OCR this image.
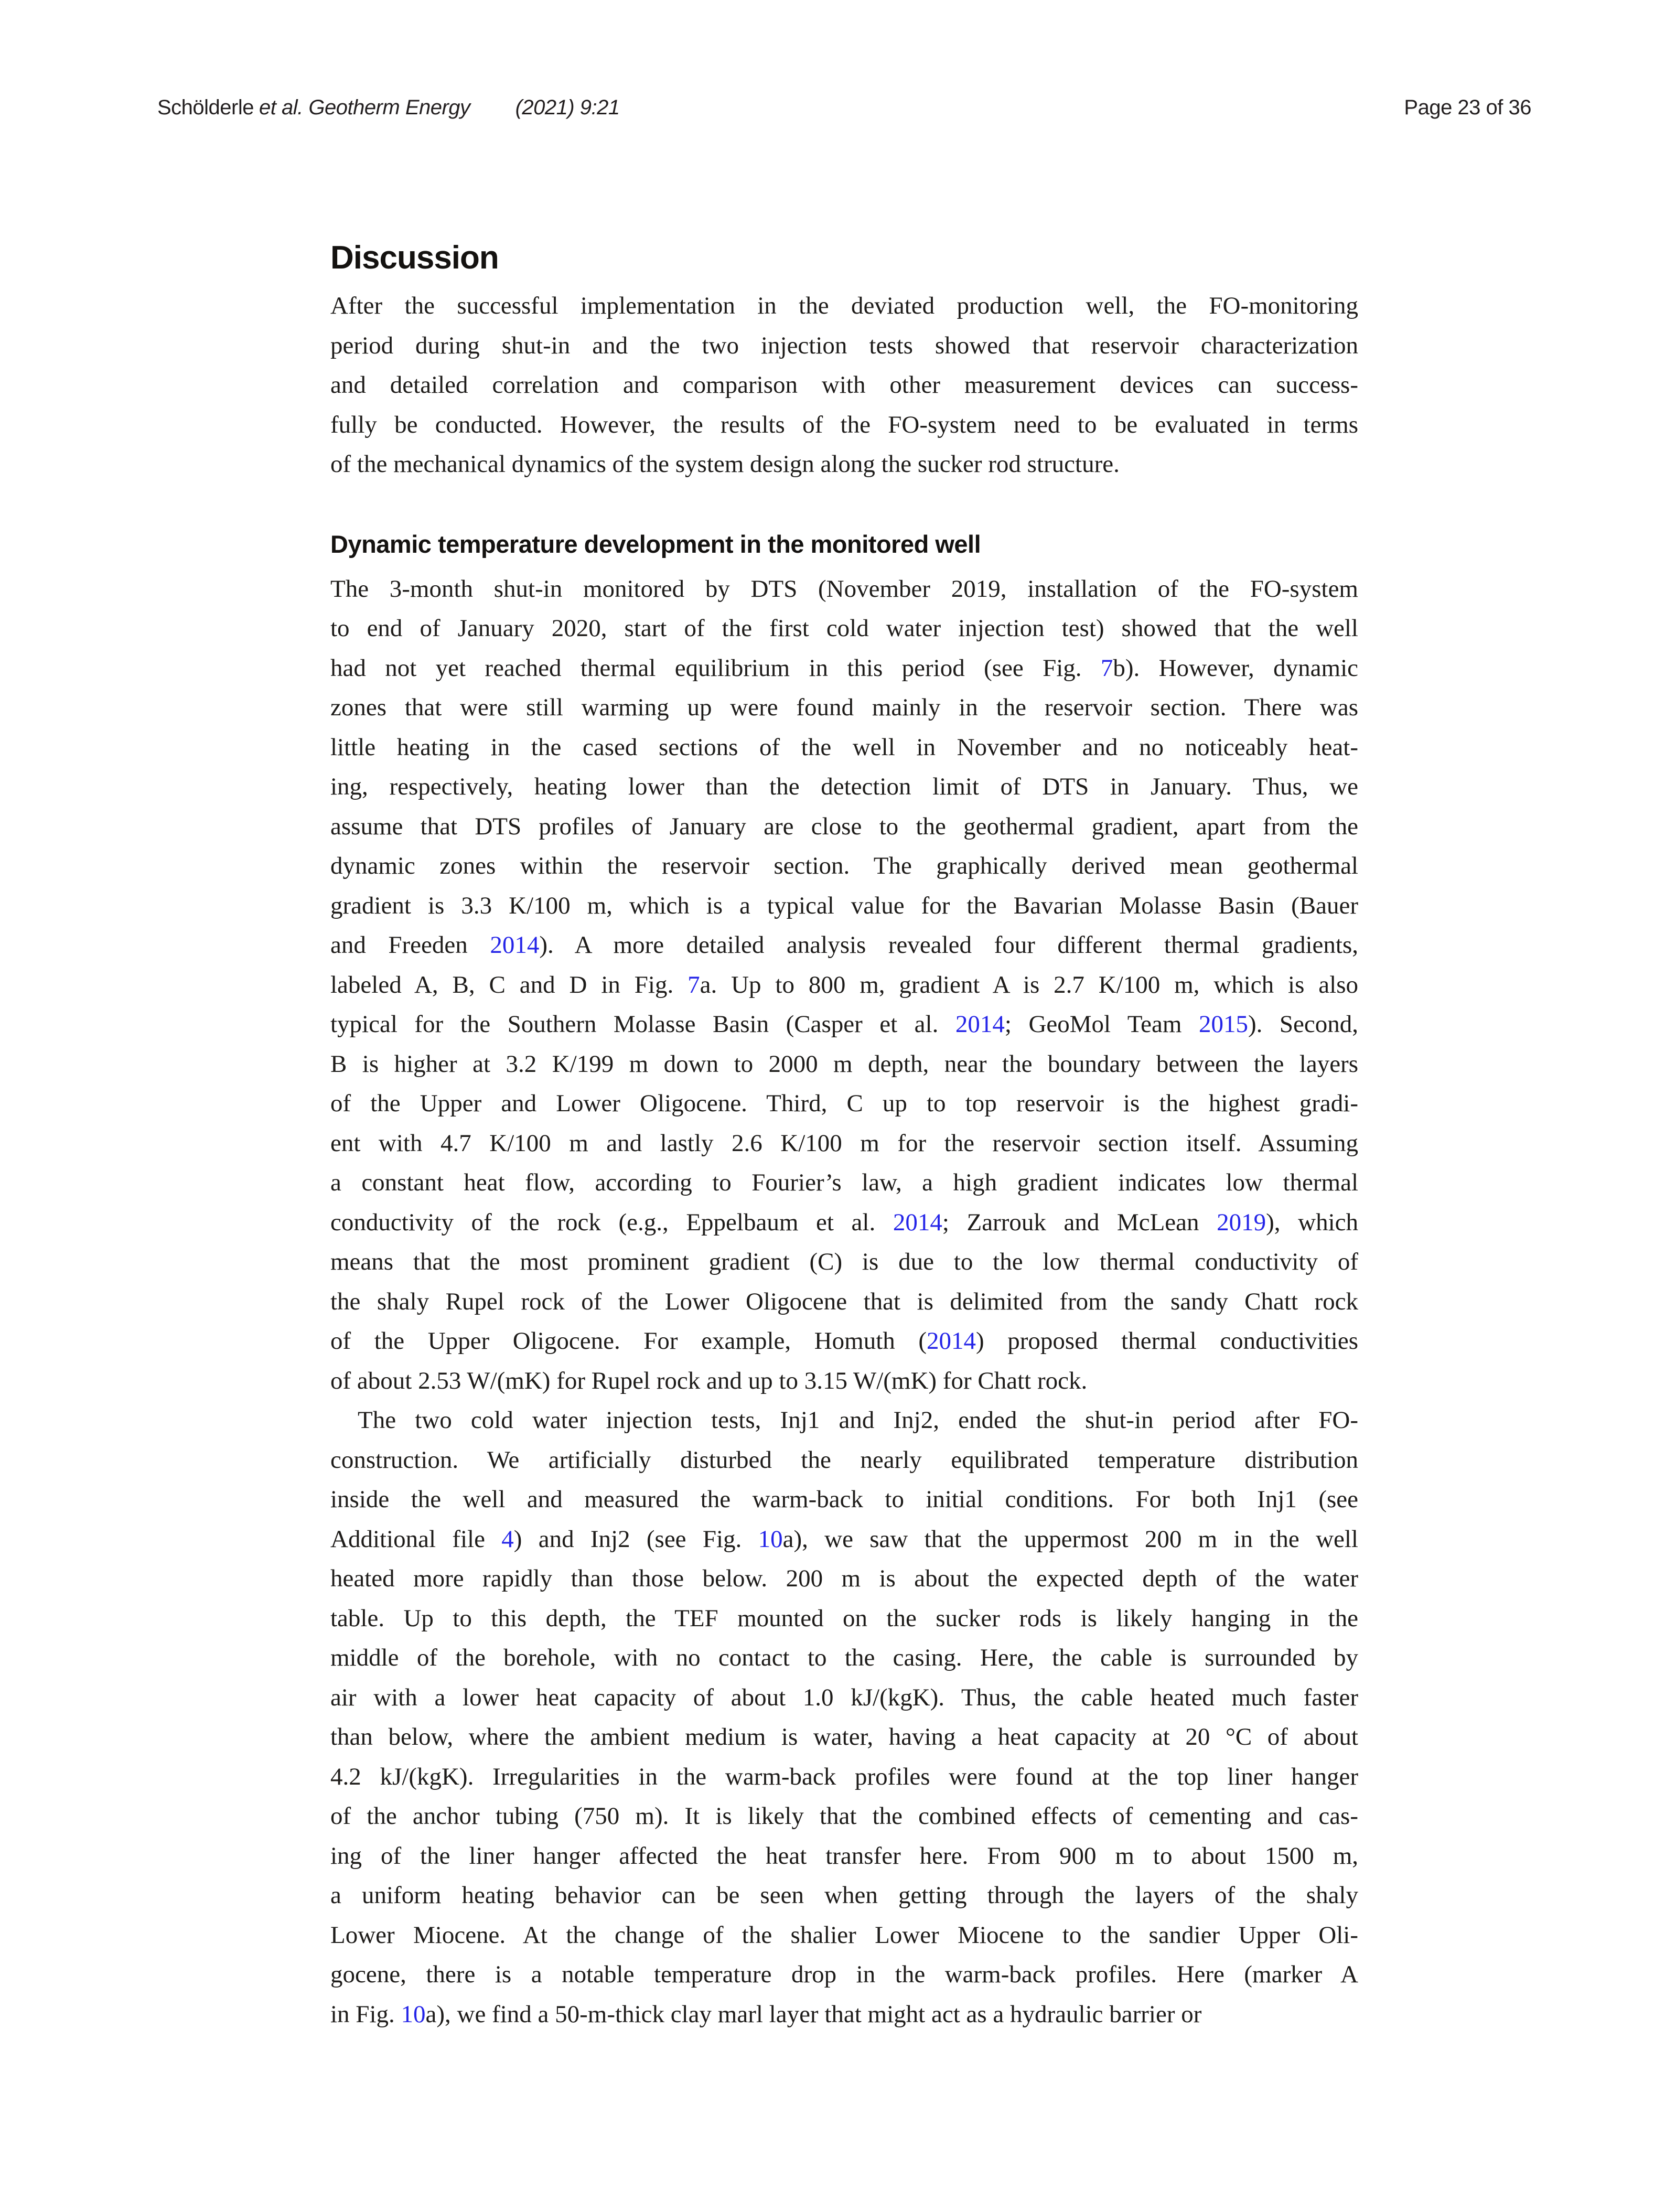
Schölderle et al. Geotherm Energy (2021) 9:21	Page 23 of 36
Discussion
After the successful implementation in the deviated production well, the FO-monitoring
period during shut-in and the two injection tests showed that reservoir characterization
and detailed correlation and comparison with other measurement devices can success-
fully be conducted. However, the results of the FO-system need to be evaluated in terms
of the mechanical dynamics of the system design along the sucker rod structure.
Dynamic temperature development in the monitored well
The 3-month shut-in monitored by DTS (November 2019, installation of the FO-system
to end of January 2020, start of the first cold water injection test) showed that the well
had not yet reached thermal equilibrium in this period (see Fig. 7b). However, dynamic
zones that were still warming up were found mainly in the reservoir section. There was
little heating in the cased sections of the well in November and no noticeably heat-
ing, respectively, heating lower than the detection limit of DTS in January. Thus, we
assume that DTS profiles of January are close to the geothermal gradient, apart from the
dynamic zones within the reservoir section. The graphically derived mean geothermal
gradient is 3.3 K/100 m, which is a typical value for the Bavarian Molasse Basin (Bauer
and Freeden 2014). A more detailed analysis revealed four different thermal gradients,
labeled A, B, C and D in Fig. 7a. Up to 800 m, gradient A is 2.7 K/100 m, which is also
typical for the Southern Molasse Basin (Casper et al. 2014; GeoMol Team 2015). Second,
B is higher at 3.2 K/199 m down to 2000 m depth, near the boundary between the layers
of the Upper and Lower Oligocene. Third, C up to top reservoir is the highest gradi-
ent with 4.7 K/100 m and lastly 2.6 K/100 m for the reservoir section itself. Assuming
a constant heat flow, according to Fourier’s law, a high gradient indicates low thermal
conductivity of the rock (e.g., Eppelbaum et al. 2014; Zarrouk and McLean 2019), which
means that the most prominent gradient (C) is due to the low thermal conductivity of
the shaly Rupel rock of the Lower Oligocene that is delimited from the sandy Chatt rock
of the Upper Oligocene. For example, Homuth (2014) proposed thermal conductivities
of about 2.53 W/(mK) for Rupel rock and up to 3.15 W/(mK) for Chatt rock.
The two cold water injection tests, Inj1 and Inj2, ended the shut-in period after FO-
construction. We artificially disturbed the nearly equilibrated temperature distribution
inside the well and measured the warm-back to initial conditions. For both Inj1 (see
Additional file 4) and Inj2 (see Fig. 10a), we saw that the uppermost 200 m in the well
heated more rapidly than those below. 200 m is about the expected depth of the water
table. Up to this depth, the TEF mounted on the sucker rods is likely hanging in the
middle of the borehole, with no contact to the casing. Here, the cable is surrounded by
air with a lower heat capacity of about 1.0 kJ/(kgK). Thus, the cable heated much faster
than below, where the ambient medium is water, having a heat capacity at 20 °C of about
4.2 kJ/(kgK). Irregularities in the warm-back profiles were found at the top liner hanger
of the anchor tubing (750 m). It is likely that the combined effects of cementing and cas-
ing of the liner hanger affected the heat transfer here. From 900 m to about 1500 m,
a uniform heating behavior can be seen when getting through the layers of the shaly
Lower Miocene. At the change of the shalier Lower Miocene to the sandier Upper Oli-
gocene, there is a notable temperature drop in the warm-back profiles. Here (marker A
in Fig. 10a), we find a 50-m-thick clay marl layer that might act as a hydraulic barrier or
